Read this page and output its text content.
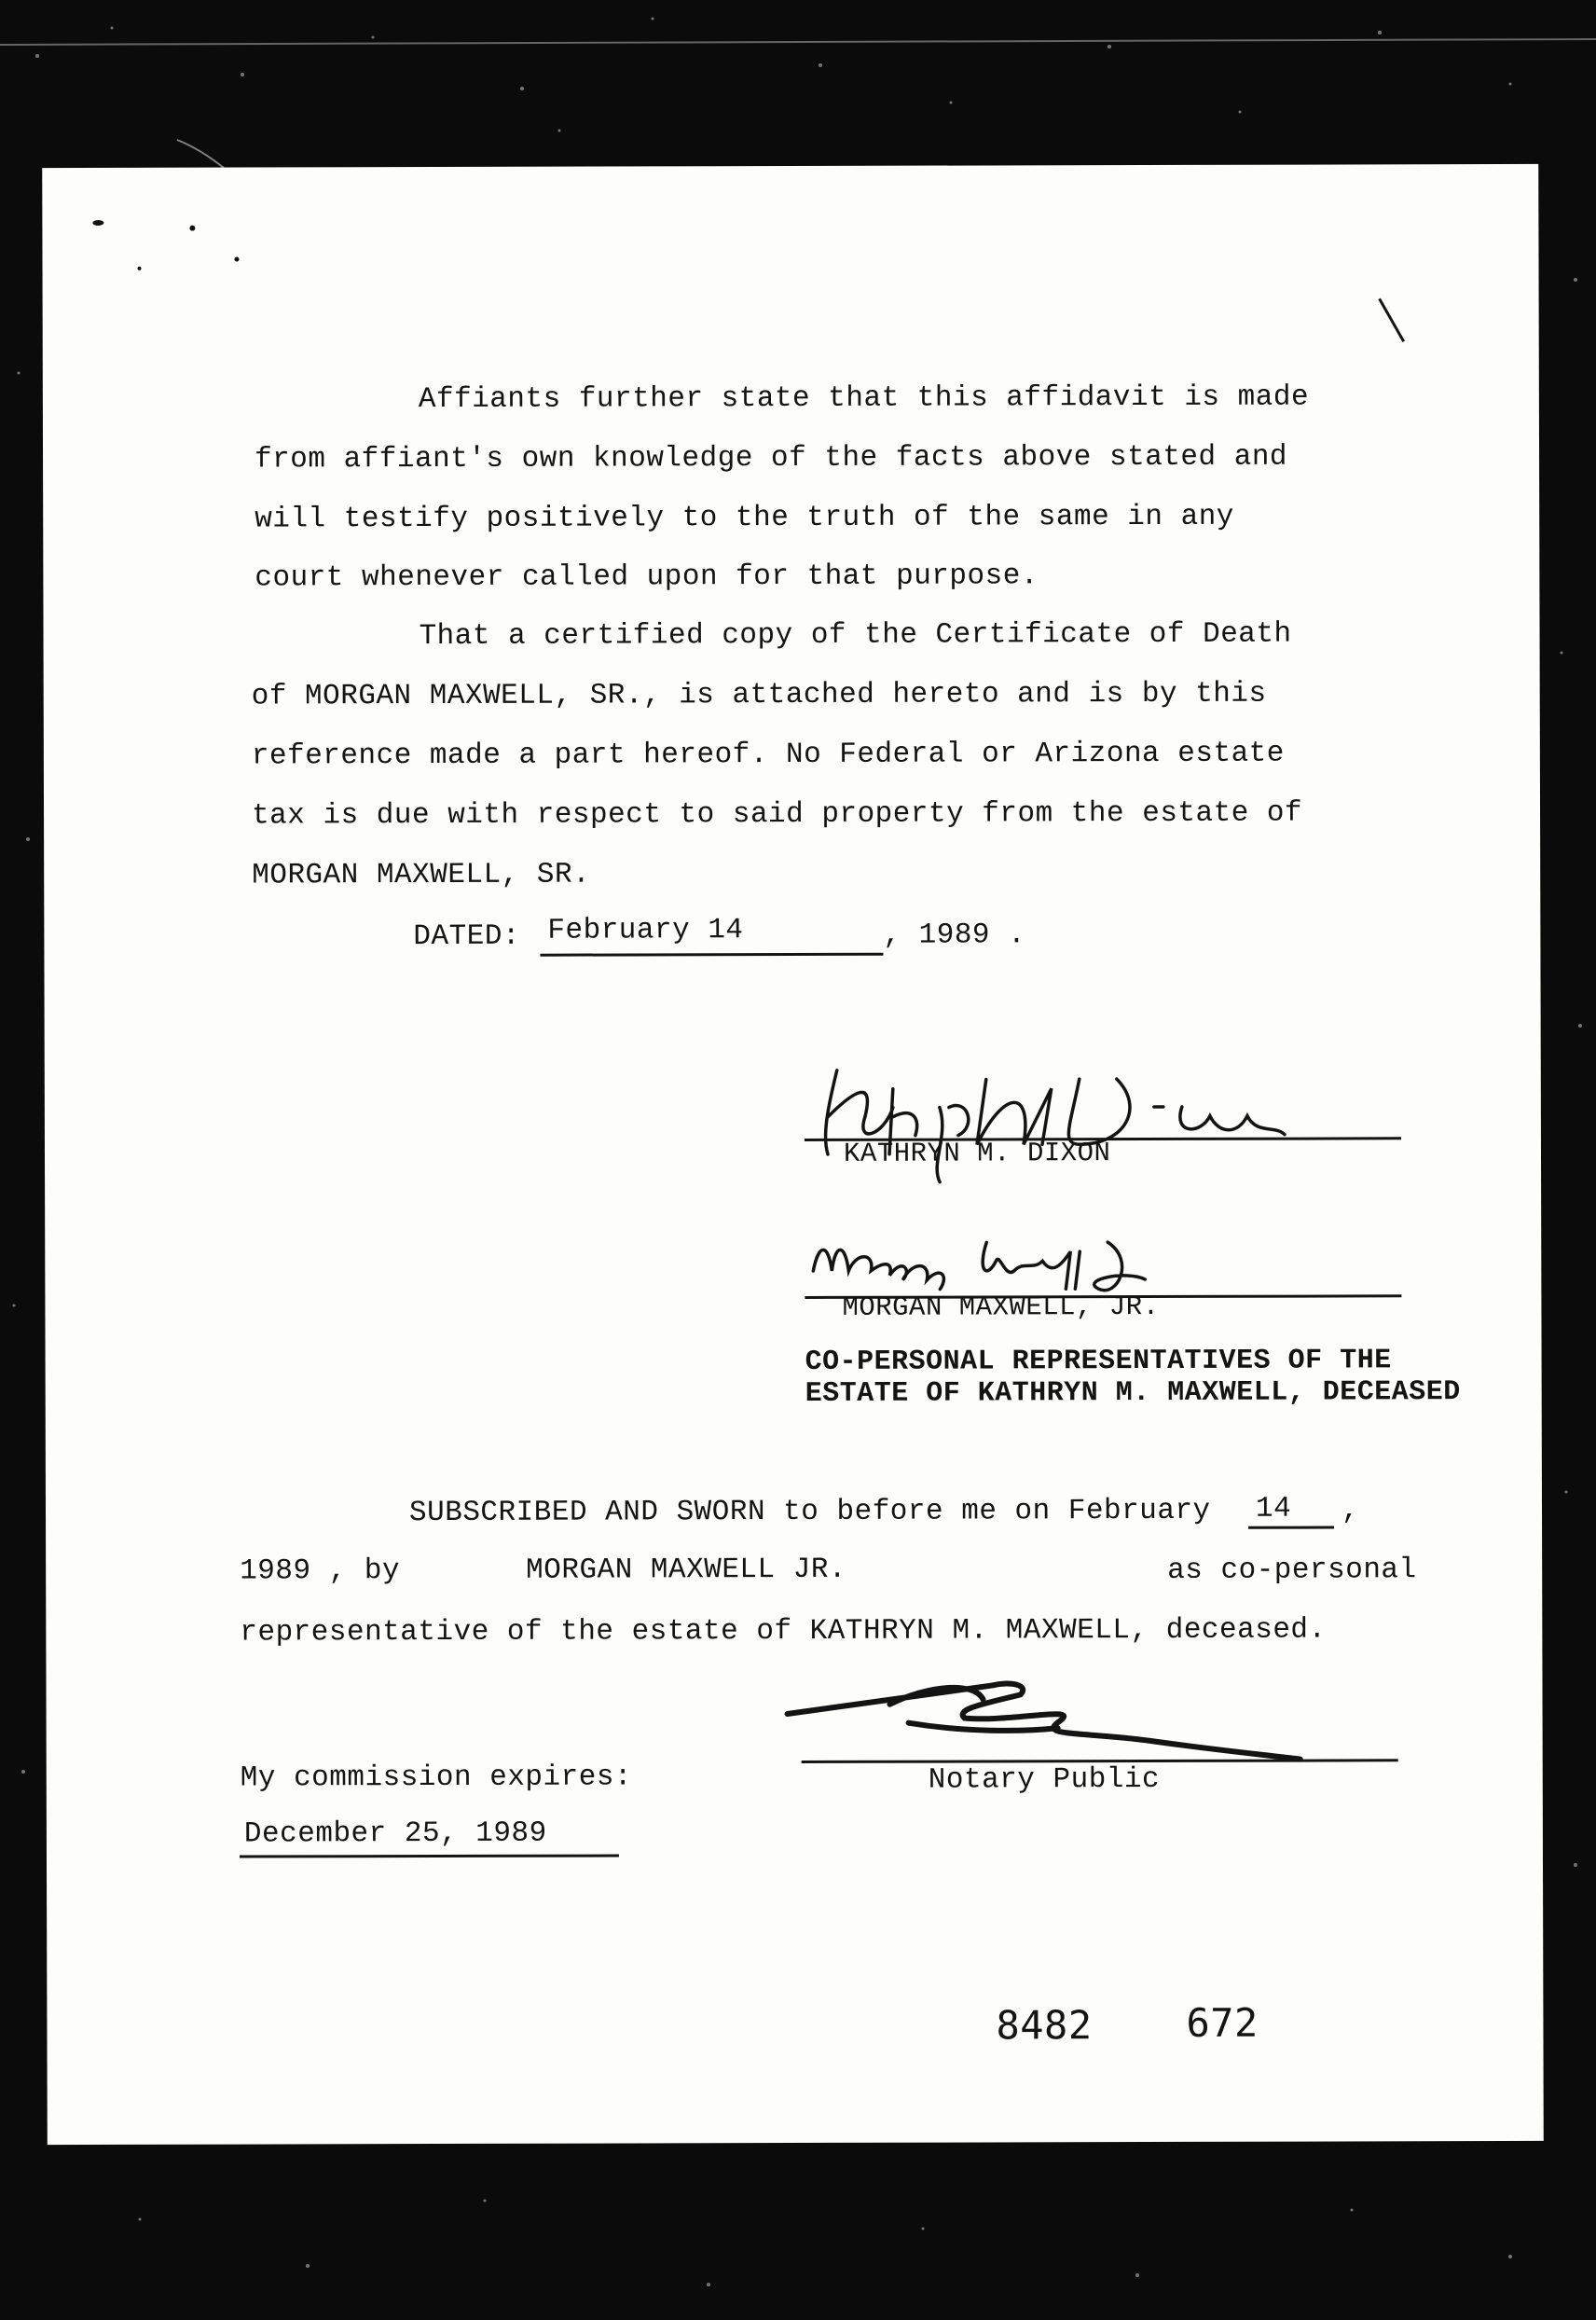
Affiants further state that this affidavit is made
from affiant's own knowledge of the facts above stated and
will testify positively to the truth of the same in any
court whenever called upon for that purpose.
That a certified copy of the Certificate of Death
of MORGAN MAXWELL, SR., is attached hereto and is by this
reference made a part hereof. No Federal or Arizona estate
tax is due with respect to said property from the estate of
MORGAN MAXWELL, SR.
DATED: February 14	, 1989 .
KATHRYN M. DIXON
MORGAN MAXWELL, JR.
CO-PERSONAL REPRESENTATIVES OF THE
ESTATE OF KATHRYN M. MAXWELL, DECEASED
SUBSCRIBED AND SWORN to before me on February 14 ,
1989 , by	MORGAN MAXWELL JR.	as co-personal
representative of the estate of KATHRYN M. MAXWELL, deceased.
Notary Public
My commission expires:
December 25, 1989
8482 672
